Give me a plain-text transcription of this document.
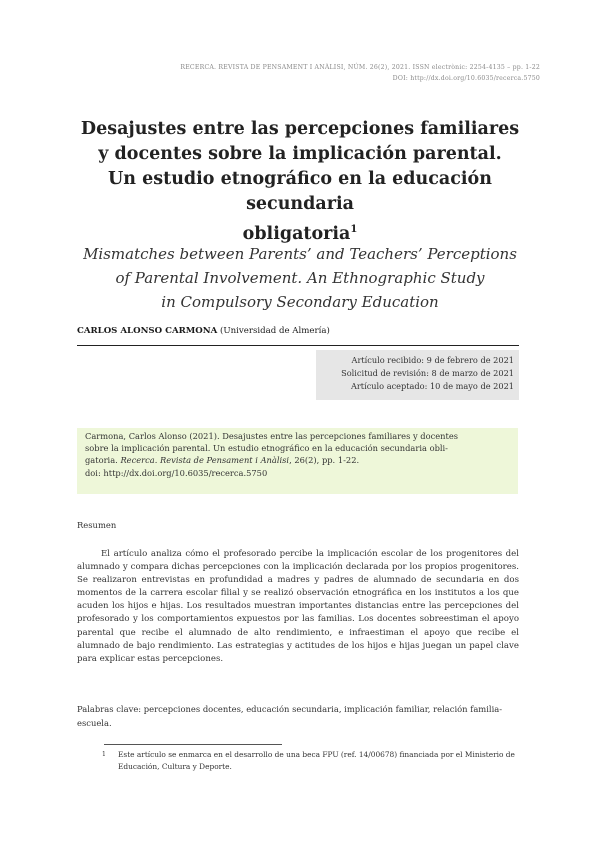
RECERCA. REVISTA DE PENSAMENT I ANÀLISI, NÚM. 26(2), 2021. ISSN electrònic: 2254-4135 – pp. 1-22
DOI: http://dx.doi.org/10.6035/recerca.5750
Desajustes entre las percepciones familiares
y docentes sobre la implicación parental.
Un estudio etnográfico en la educación secundaria
obligatoria$^1$
Mismatches between Parents’ and Teachers’ Perceptions
of Parental Involvement. An Ethnographic Study
in Compulsory Secondary Education
CARLOS ALONSO CARMONA (Universidad de Almería)
Artículo recibido: 9 de febrero de 2021
Solicitud de revisión: 8 de marzo de 2021
Artículo aceptado: 10 de mayo de 2021
Carmona, Carlos Alonso (2021). Desajustes entre las percepciones familiares y docentes
sobre la implicación parental. Un estudio etnográfico en la educación secundaria obli-
gatoria. Recerca. Revista de Pensament i Anàlisi, 26(2), pp. 1-22.
doi: http://dx.doi.org/10.6035/recerca.5750
Resumen
El artículo analiza cómo el profesorado percibe la implicación escolar de los progenitores del alumnado y compara dichas percepciones con la implicación declarada por los propios progenitores. Se realizaron entrevistas en profundidad a madres y padres de alumnado de secundaria en dos momentos de la carrera escolar filial y se realizó observación etnográfica en los institutos a los que acuden los hijos e hijas. Los resultados muestran importantes distancias entre las percepciones del profesorado y los comportamientos expuestos por las familias. Los docentes sobreestiman el apoyo parental que recibe el alumnado de alto rendimiento, e infraestiman el apoyo que recibe el alumnado de bajo rendimiento. Las estrategias y actitudes de los hijos e hijas juegan un papel clave para explicar estas percepciones.
Palabras clave: percepciones docentes, educación secundaria, implicación familiar, relación familia-escuela.
1	Este artículo se enmarca en el desarrollo de una beca FPU (ref. 14/00678) financiada por el Ministerio de Educación, Cultura y Deporte.
